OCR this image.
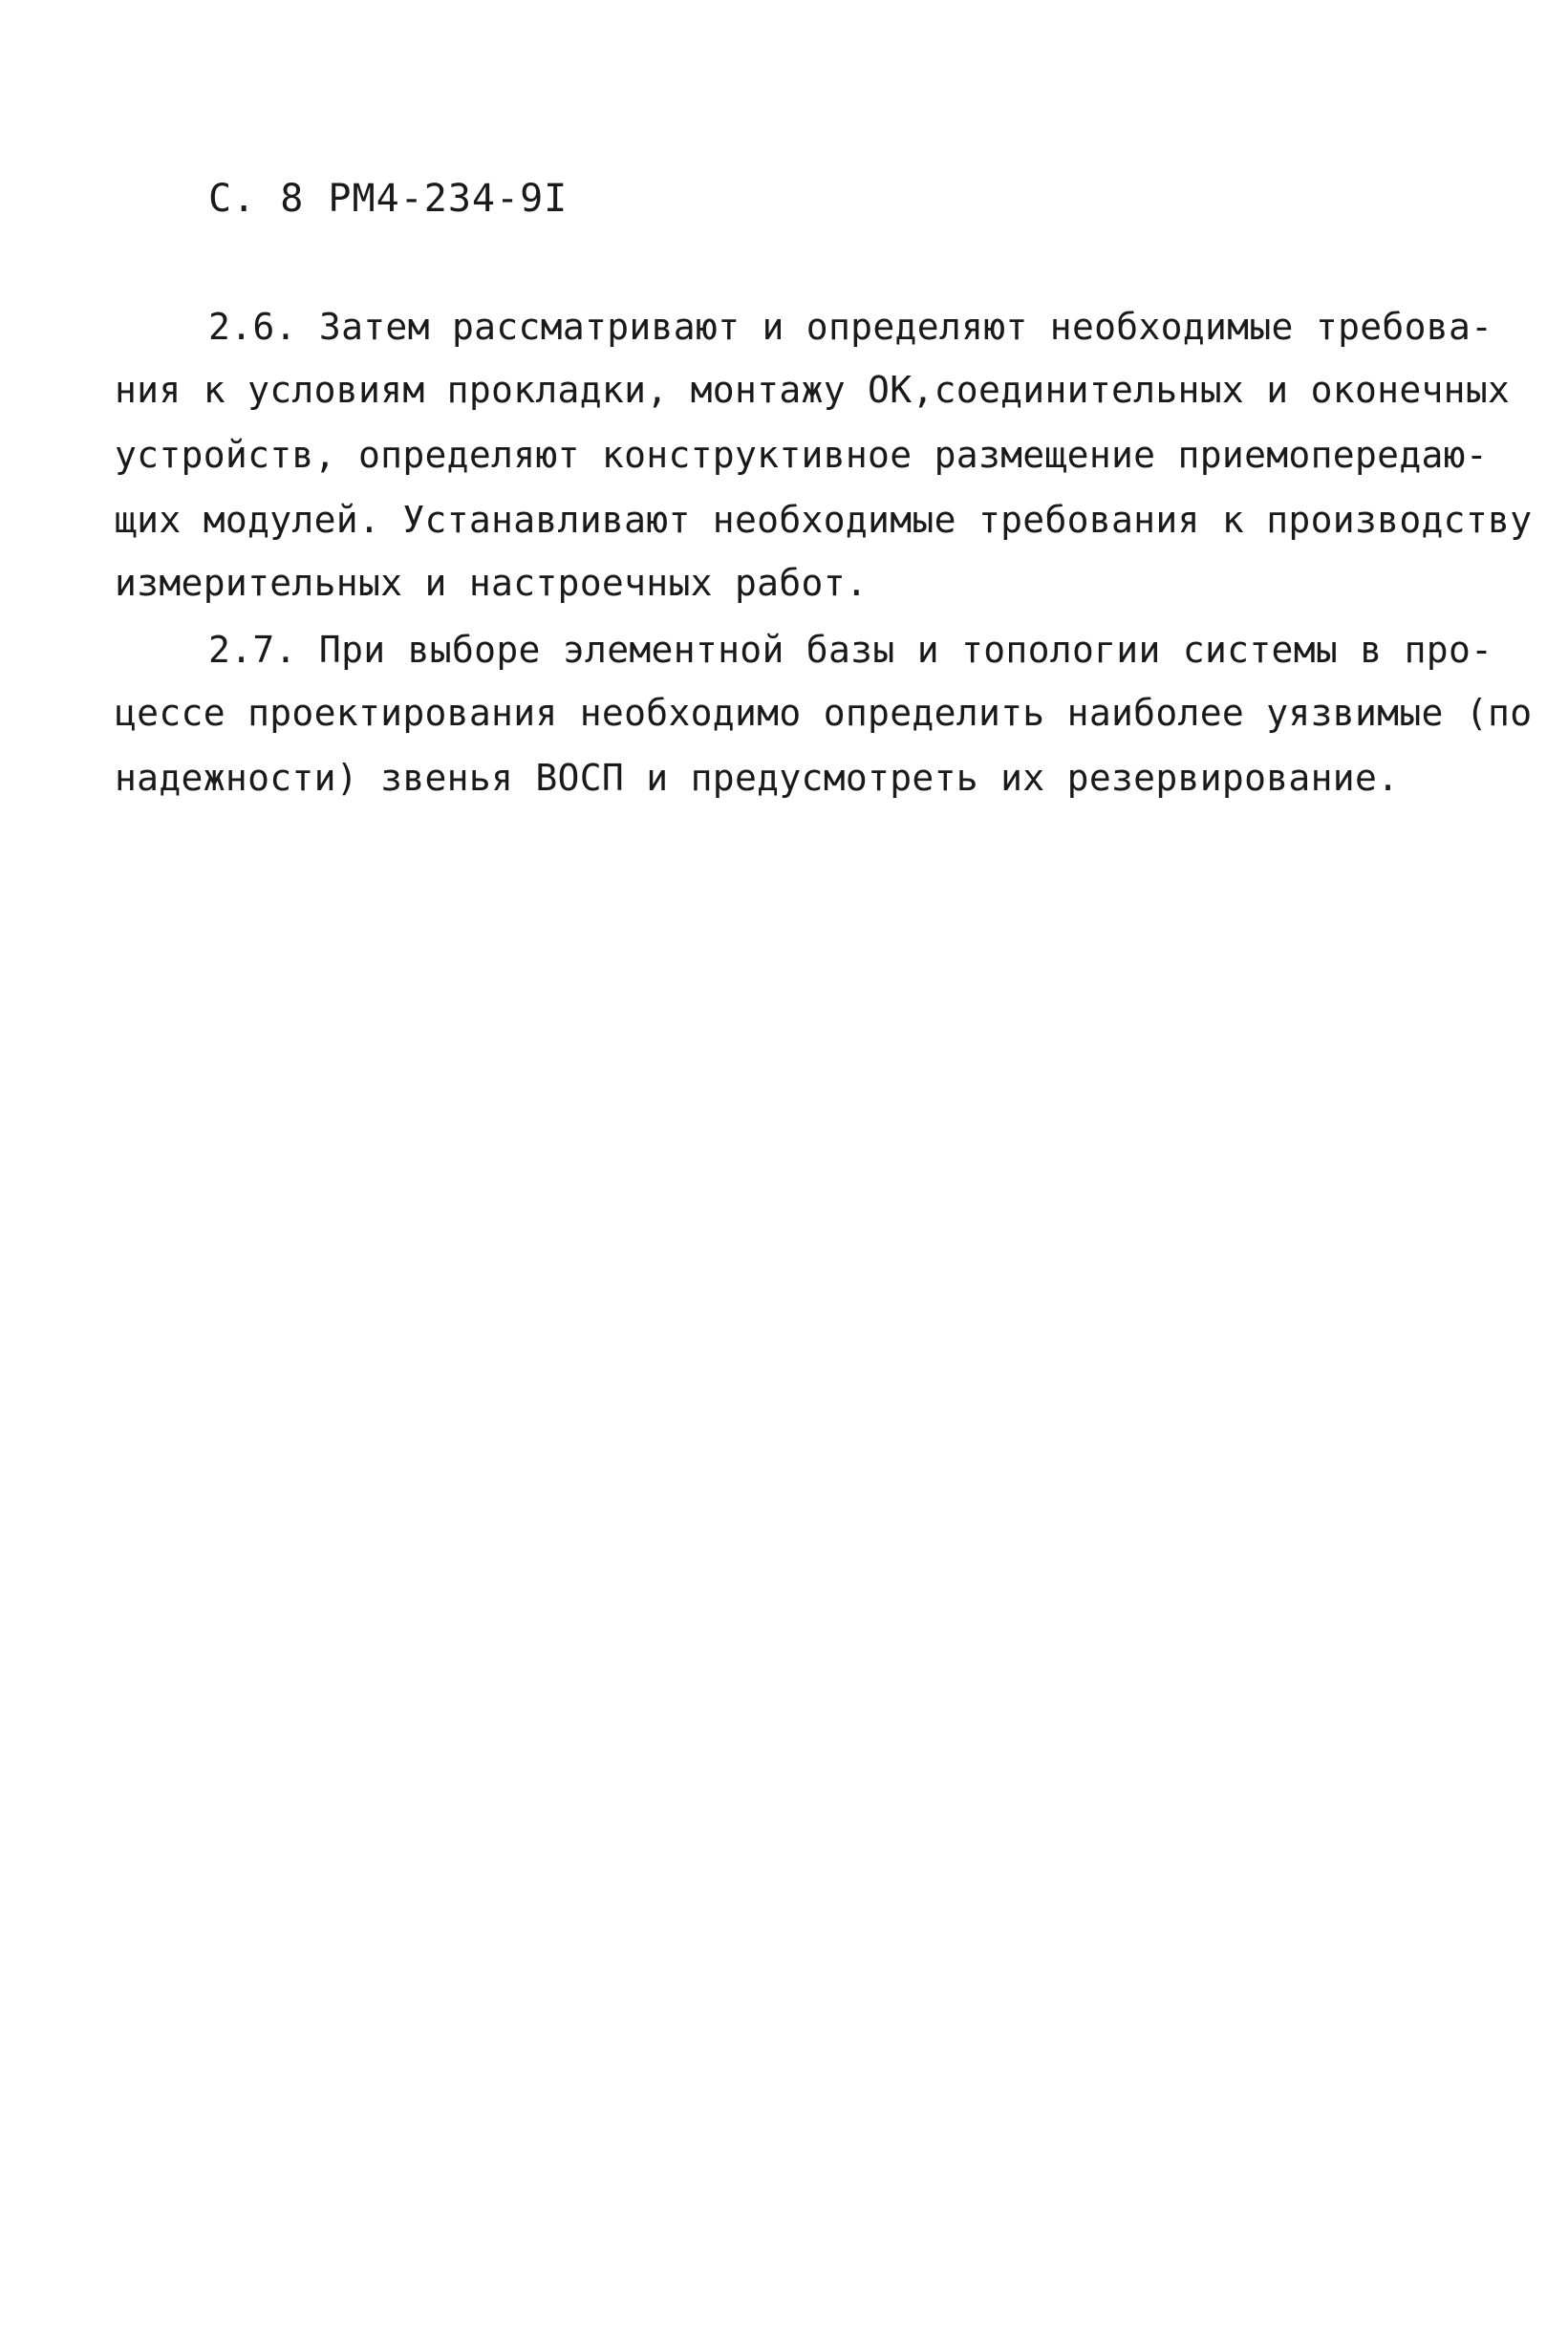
С. 8 РМ4-234-9I
2.6. Затем рассматривают и определяют необходимые требова-
ния к условиям прокладки, монтажу ОК,соединительных и оконечных
устройств, определяют конструктивное размещение приемопередаю-
щих модулей. Устанавливают необходимые требования к производству
измерительных и настроечных работ.
2.7. При выборе элементной базы и топологии системы в про-
цессе проектирования необходимо определить наиболее уязвимые (по
надежности) звенья ВОСП и предусмотреть их резервирование.
